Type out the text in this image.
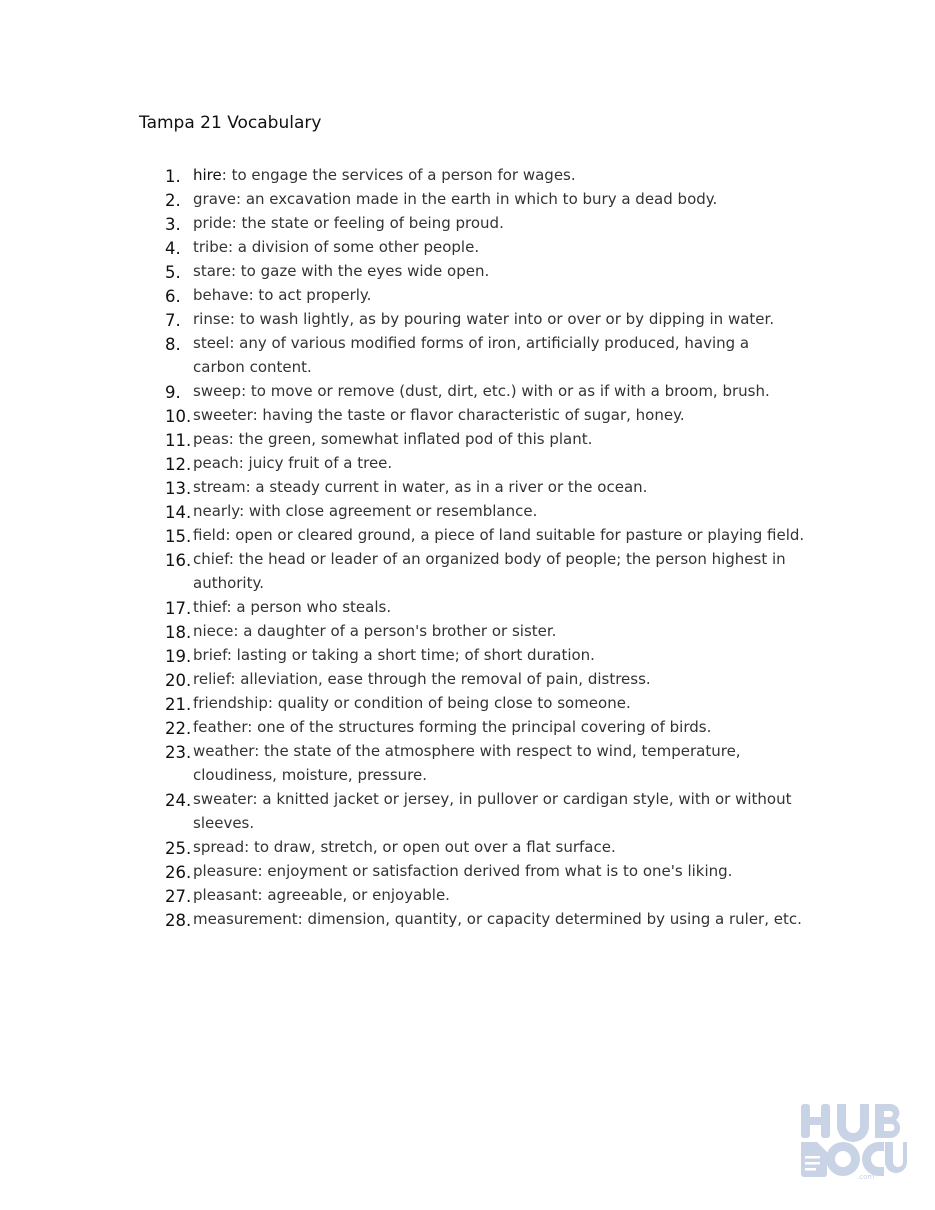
Tampa 21 Vocabulary
1. hire: to engage the services of a person for wages.
2. grave: an excavation made in the earth in which to bury a dead body.
3. pride: the state or feeling of being proud.
4. tribe: a division of some other people.
5. stare: to gaze with the eyes wide open.
6. behave: to act properly.
7. rinse: to wash lightly, as by pouring water into or over or by dipping in water.
8. steel: any of various modified forms of iron, artificially produced, having a carbon content.
9. sweep: to move or remove (dust, dirt, etc.) with or as if with a broom, brush.
10. sweeter: having the taste or flavor characteristic of sugar, honey.
11. peas: the green, somewhat inflated pod of this plant.
12. peach: juicy fruit of a tree.
13. stream: a steady current in water, as in a river or the ocean.
14. nearly: with close agreement or resemblance.
15. field: open or cleared ground, a piece of land suitable for pasture or playing field.
16. chief: the head or leader of an organized body of people; the person highest in authority.
17. thief: a person who steals.
18. niece: a daughter of a person's brother or sister.
19. brief: lasting or taking a short time; of short duration.
20. relief: alleviation, ease through the removal of pain, distress.
21. friendship: quality or condition of being close to someone.
22. feather: one of the structures forming the principal covering of birds.
23. weather: the state of the atmosphere with respect to wind, temperature, cloudiness, moisture, pressure.
24. sweater: a knitted jacket or jersey, in pullover or cardigan style, with or without sleeves.
25. spread: to draw, stretch, or open out over a flat surface.
26. pleasure: enjoyment or satisfaction derived from what is to one's liking.
27. pleasant: agreeable, or enjoyable.
28. measurement: dimension, quantity, or capacity determined by using a ruler, etc.
.com
